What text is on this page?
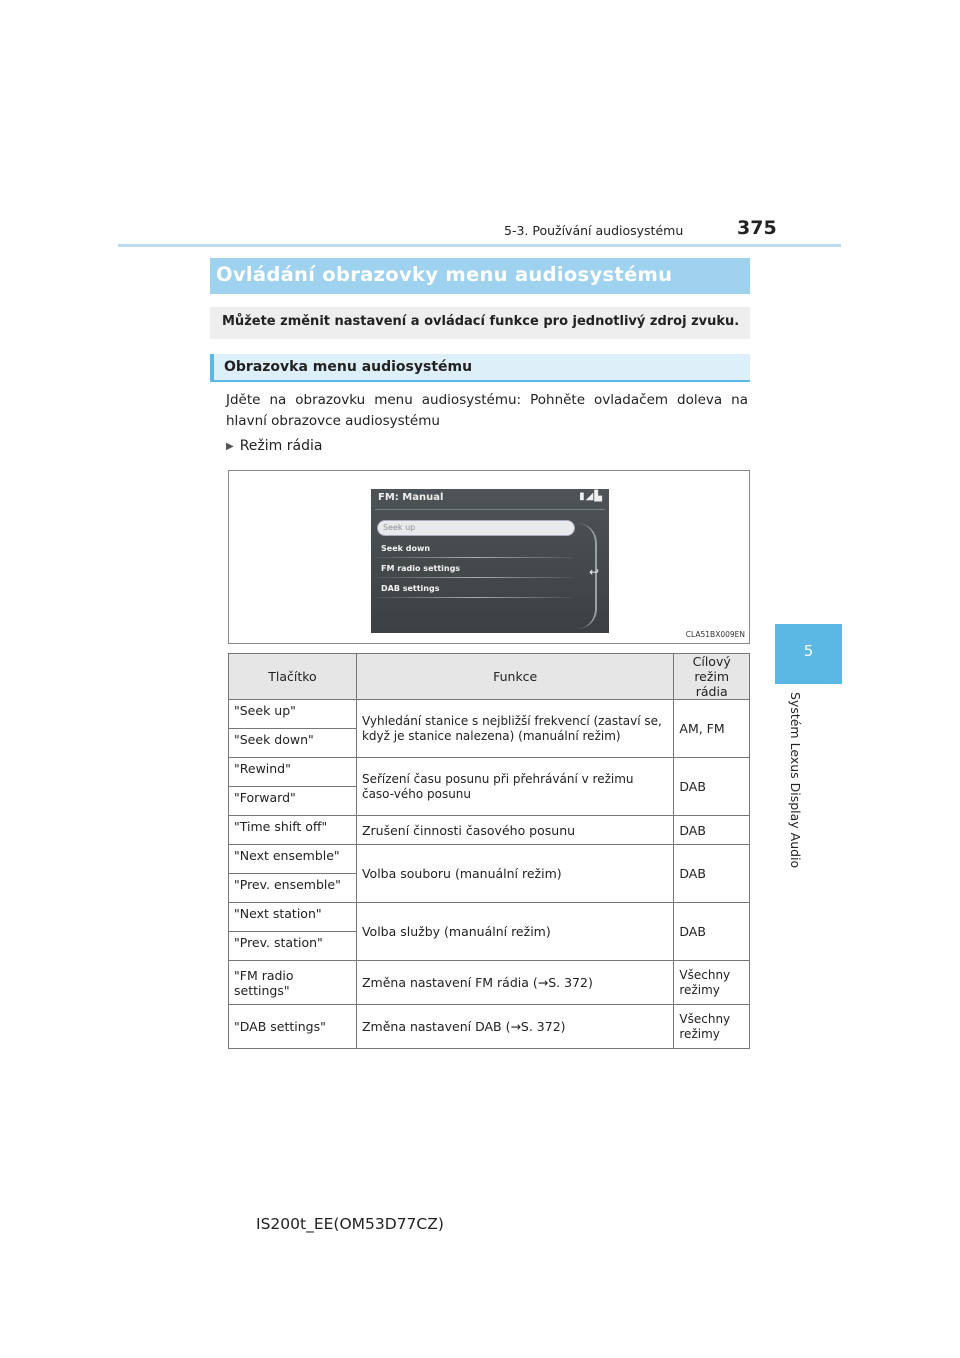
5-3. Používání audiosystému	375
5
Systém Lexus Display Audio
Ovládání obrazovky menu audiosystému
Můžete změnit nastavení a ovládací funkce pro jednotlivý zdroj zvuku.
Obrazovka menu audiosystému
Jděte na obrazovku menu audiosystému: Pohněte ovladačem doleva na hlavní obrazovce audiosystému
▶ Režim rádia
FM: Manual	▮◢▙
Seek up
Seek down
FM radio settings
DAB settings
↩
CLA51BX009EN
Tlačítko	Funkce	Cílový režim rádia
"Seek up"	Vyhledání stanice s nejbližší frekvencí (zastaví se, když je stanice nalezena) (manuální režim)	AM, FM
"Seek down"		
"Rewind"	Seřízení času posunu při přehrávání v režimu časo-vého posunu	DAB
"Forward"		
"Time shift off"	Zrušení činnosti časového posunu	DAB
"Next ensemble"	Volba souboru (manuální režim)	DAB
"Prev. ensemble"		
"Next station"	Volba služby (manuální režim)	DAB
"Prev. station"		
"FM radio settings"	Změna nastavení FM rádia (→S. 372)	Všechny režimy

"DAB settings"	Změna nastavení DAB (→S. 372)	Všechny režimy
IS200t_EE(OM53D77CZ)
